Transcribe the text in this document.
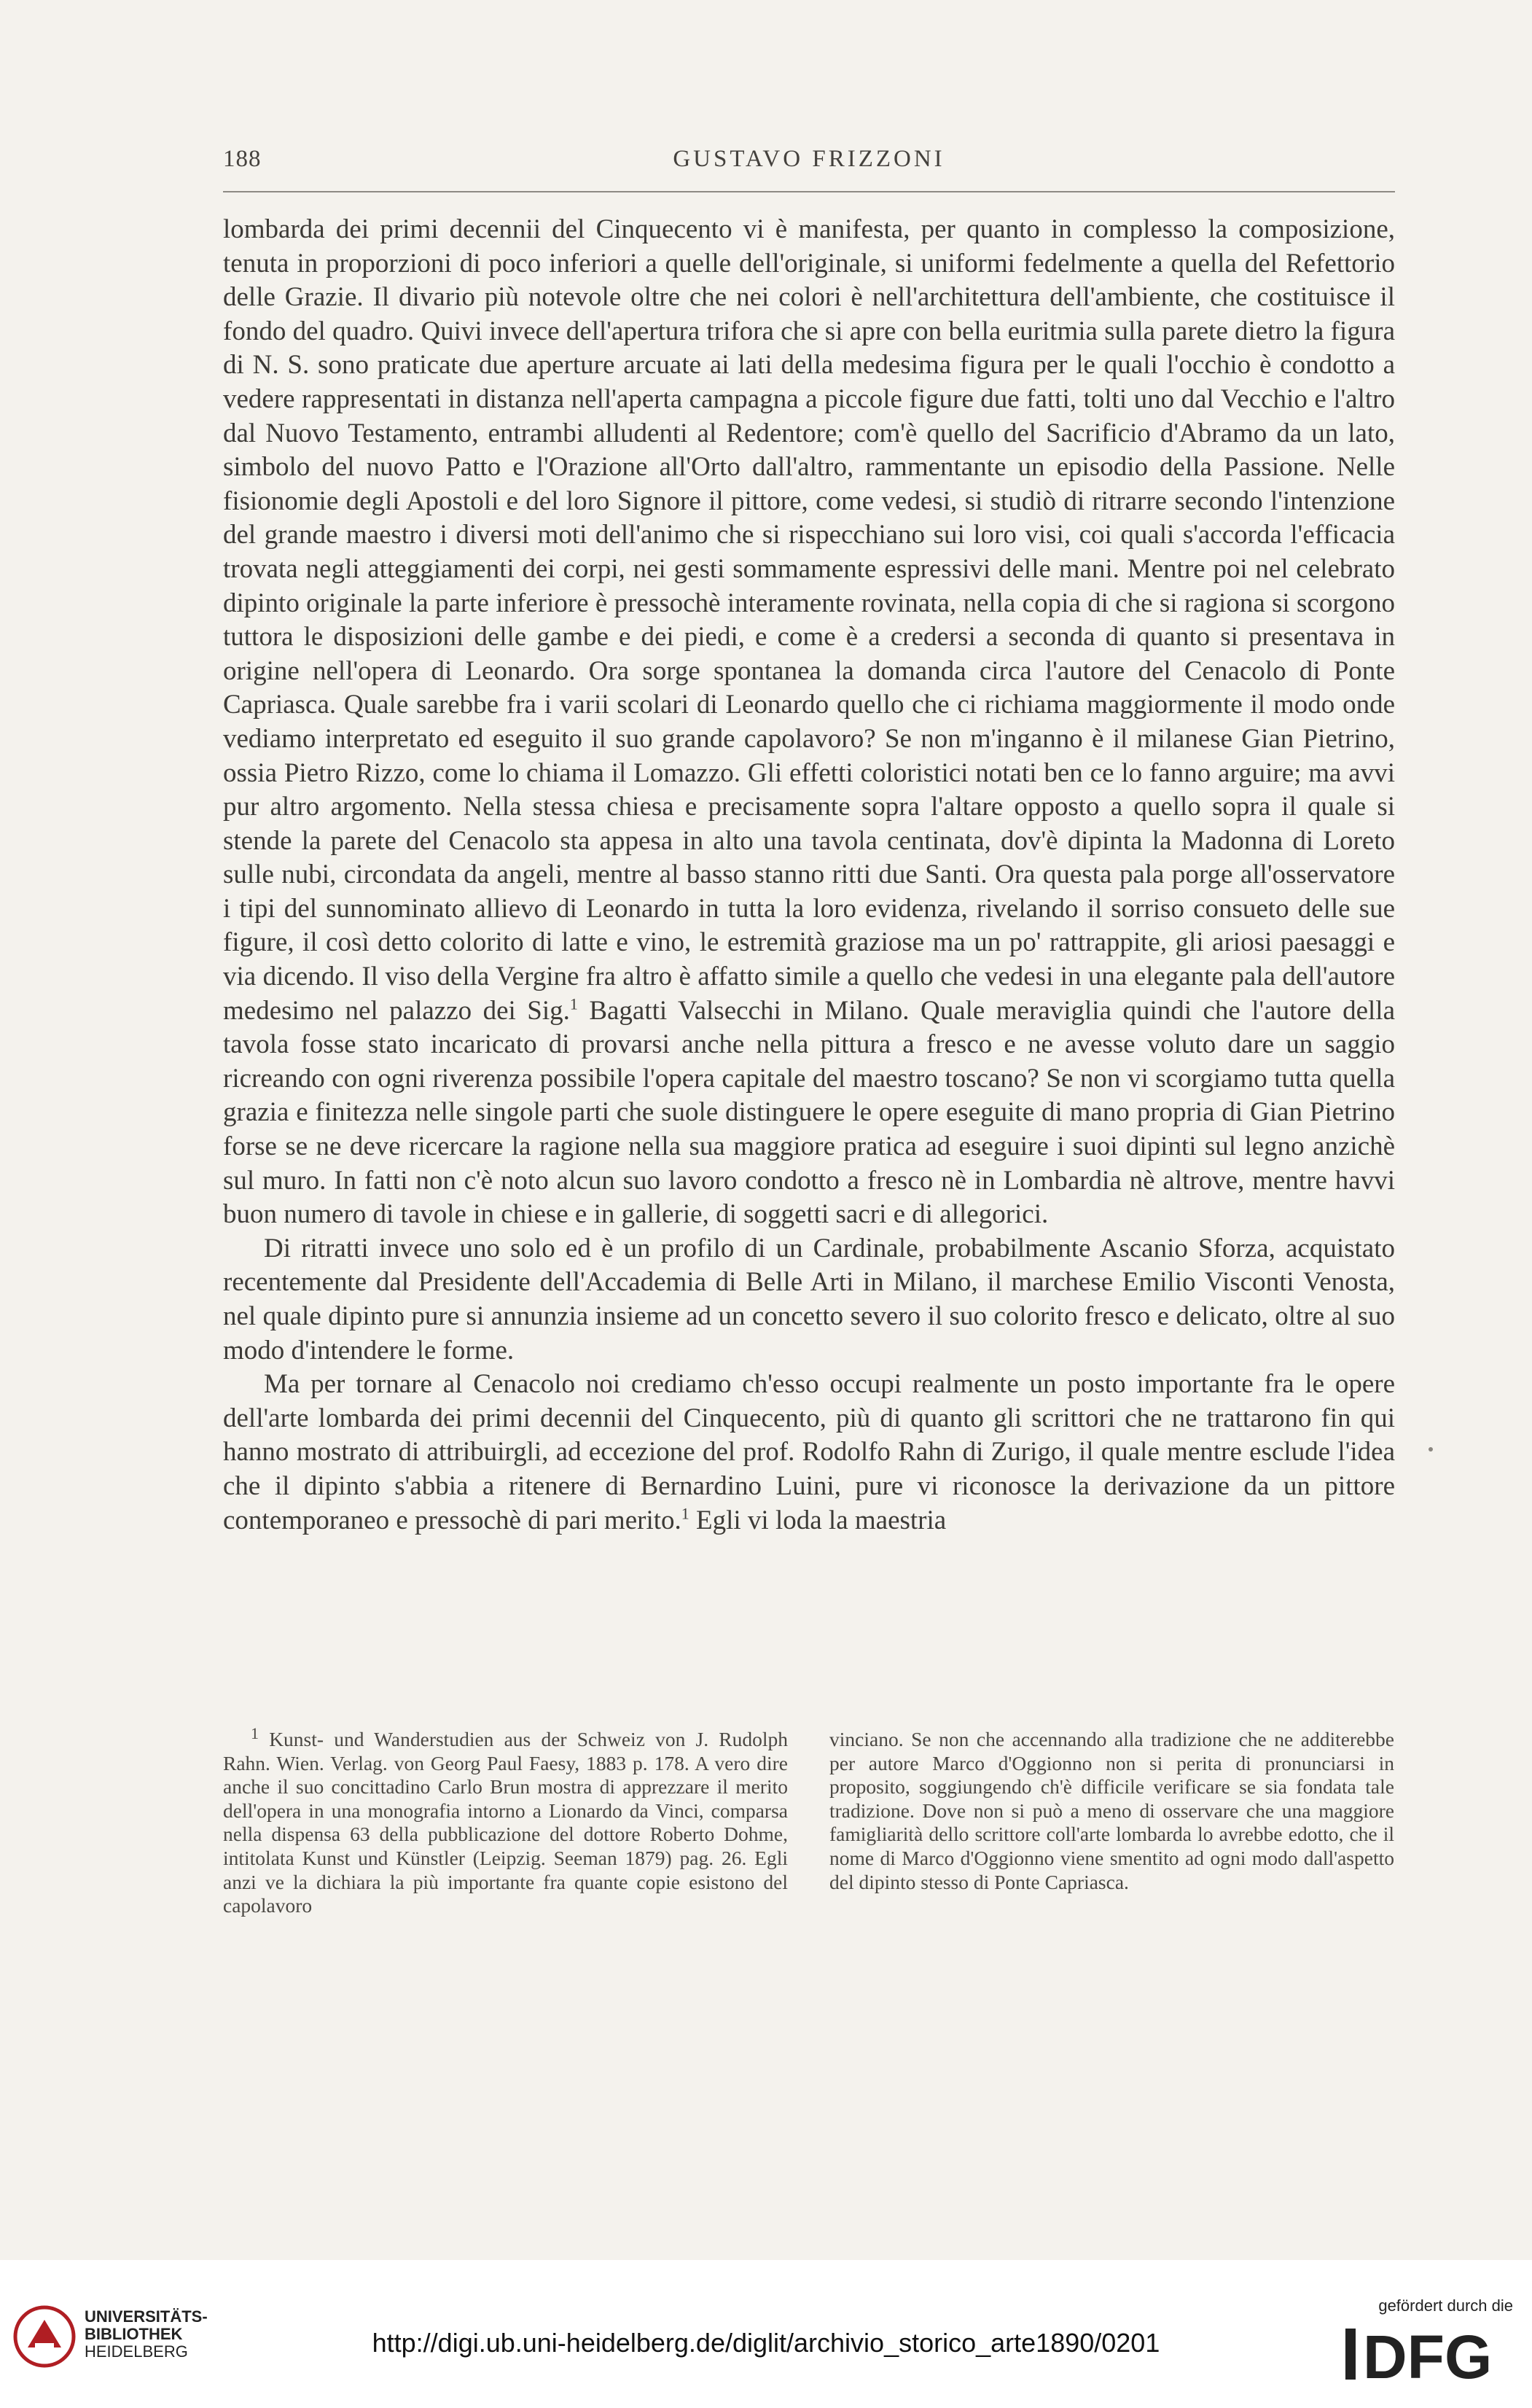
188	GUSTAVO FRIZZONI

lombarda dei primi decennii del Cinquecento vi è manifesta, per quanto in complesso la composizione, tenuta in proporzioni di poco inferiori a quelle dell'originale, si uniformi fedelmente a quella del Refettorio delle Grazie. Il divario più notevole oltre che nei colori è nell'architettura dell'ambiente, che costituisce il fondo del quadro. Quivi invece dell'apertura trifora che si apre con bella euritmia sulla parete dietro la figura di N. S. sono praticate due aperture arcuate ai lati della medesima figura per le quali l'occhio è condotto a vedere rappresentati in distanza nell'aperta campagna a piccole figure due fatti, tolti uno dal Vecchio e l'altro dal Nuovo Testamento, entrambi alludenti al Redentore; com'è quello del Sacrificio d'Abramo da un lato, simbolo del nuovo Patto e l'Orazione all'Orto dall'altro, rammentante un episodio della Passione. Nelle fisionomie degli Apostoli e del loro Signore il pittore, come vedesi, si studiò di ritrarre secondo l'intenzione del grande maestro i diversi moti dell'animo che si rispecchiano sui loro visi, coi quali s'accorda l'efficacia trovata negli atteggiamenti dei corpi, nei gesti sommamente espressivi delle mani. Mentre poi nel celebrato dipinto originale la parte inferiore è pressochè interamente rovinata, nella copia di che si ragiona si scorgono tuttora le disposizioni delle gambe e dei piedi, e come è a credersi a seconda di quanto si presentava in origine nell'opera di Leonardo. Ora sorge spontanea la domanda circa l'autore del Cenacolo di Ponte Capriasca. Quale sarebbe fra i varii scolari di Leonardo quello che ci richiama maggiormente il modo onde vediamo interpretato ed eseguito il suo grande capolavoro? Se non m'inganno è il milanese Gian Pietrino, ossia Pietro Rizzo, come lo chiama il Lomazzo. Gli effetti coloristici notati ben ce lo fanno arguire; ma avvi pur altro argomento. Nella stessa chiesa e precisamente sopra l'altare opposto a quello sopra il quale si stende la parete del Cenacolo sta appesa in alto una tavola centinata, dov'è dipinta la Madonna di Loreto sulle nubi, circondata da angeli, mentre al basso stanno ritti due Santi. Ora questa pala porge all'osservatore i tipi del sunnominato allievo di Leonardo in tutta la loro evidenza, rivelando il sorriso consueto delle sue figure, il così detto colorito di latte e vino, le estremità graziose ma un po' rattrappite, gli ariosi paesaggi e via dicendo. Il viso della Vergine fra altro è affatto simile a quello che vedesi in una elegante pala dell'autore medesimo nel palazzo dei Sig.$^1$ Bagatti Valsecchi in Milano. Quale meraviglia quindi che l'autore della tavola fosse stato incaricato di provarsi anche nella pittura a fresco e ne avesse voluto dare un saggio ricreando con ogni riverenza possibile l'opera capitale del maestro toscano? Se non vi scorgiamo tutta quella grazia e finitezza nelle singole parti che suole distinguere le opere eseguite di mano propria di Gian Pietrino forse se ne deve ricercare la ragione nella sua maggiore pratica ad eseguire i suoi dipinti sul legno anzichè sul muro. In fatti non c'è noto alcun suo lavoro condotto a fresco nè in Lombardia nè altrove, mentre havvi buon numero di tavole in chiese e in gallerie, di soggetti sacri e di allegorici.

Di ritratti invece uno solo ed è un profilo di un Cardinale, probabilmente Ascanio Sforza, acquistato recentemente dal Presidente dell'Accademia di Belle Arti in Milano, il marchese Emilio Visconti Venosta, nel quale dipinto pure si annunzia insieme ad un concetto severo il suo colorito fresco e delicato, oltre al suo modo d'intendere le forme.

Ma per tornare al Cenacolo noi crediamo ch'esso occupi realmente un posto importante fra le opere dell'arte lombarda dei primi decennii del Cinquecento, più di quanto gli scrittori che ne trattarono fin qui hanno mostrato di attribuirgli, ad eccezione del prof. Rodolfo Rahn di Zurigo, il quale mentre esclude l'idea che il dipinto s'abbia a ritenere di Bernardino Luini, pure vi riconosce la derivazione da un pittore contemporaneo e pressochè di pari merito.$^1$ Egli vi loda la maestria

$^1$ Kunst- und Wanderstudien aus der Schweiz von J. Rudolph Rahn. Wien. Verlag. von Georg Paul Faesy, 1883 p. 178. A vero dire anche il suo concittadino Carlo Brun mostra di apprezzare il merito dell'opera in una monografia intorno a Lionardo da Vinci, comparsa nella dispensa 63 della pubblicazione del dottore Roberto Dohme, intitolata Kunst und Künstler (Leipzig. Seeman 1879) pag. 26. Egli anzi ve la dichiara la più importante fra quante copie esistono del capolavoro

vinciano. Se non che accennando alla tradizione che ne additerebbe per autore Marco d'Oggionno non si perita di pronunciarsi in proposito, soggiungendo ch'è difficile verificare se sia fondata tale tradizione. Dove non si può a meno di osservare che una maggiore famigliarità dello scrittore coll'arte lombarda lo avrebbe edotto, che il nome di Marco d'Oggionno viene smentito ad ogni modo dall'aspetto del dipinto stesso di Ponte Capriasca.

UNIVERSITÄTS-
BIBLIOTHEK
HEIDELBERG	http://digi.ub.uni-heidelberg.de/diglit/archivio_storico_arte1890/0201
gefördert durch die
DFG
